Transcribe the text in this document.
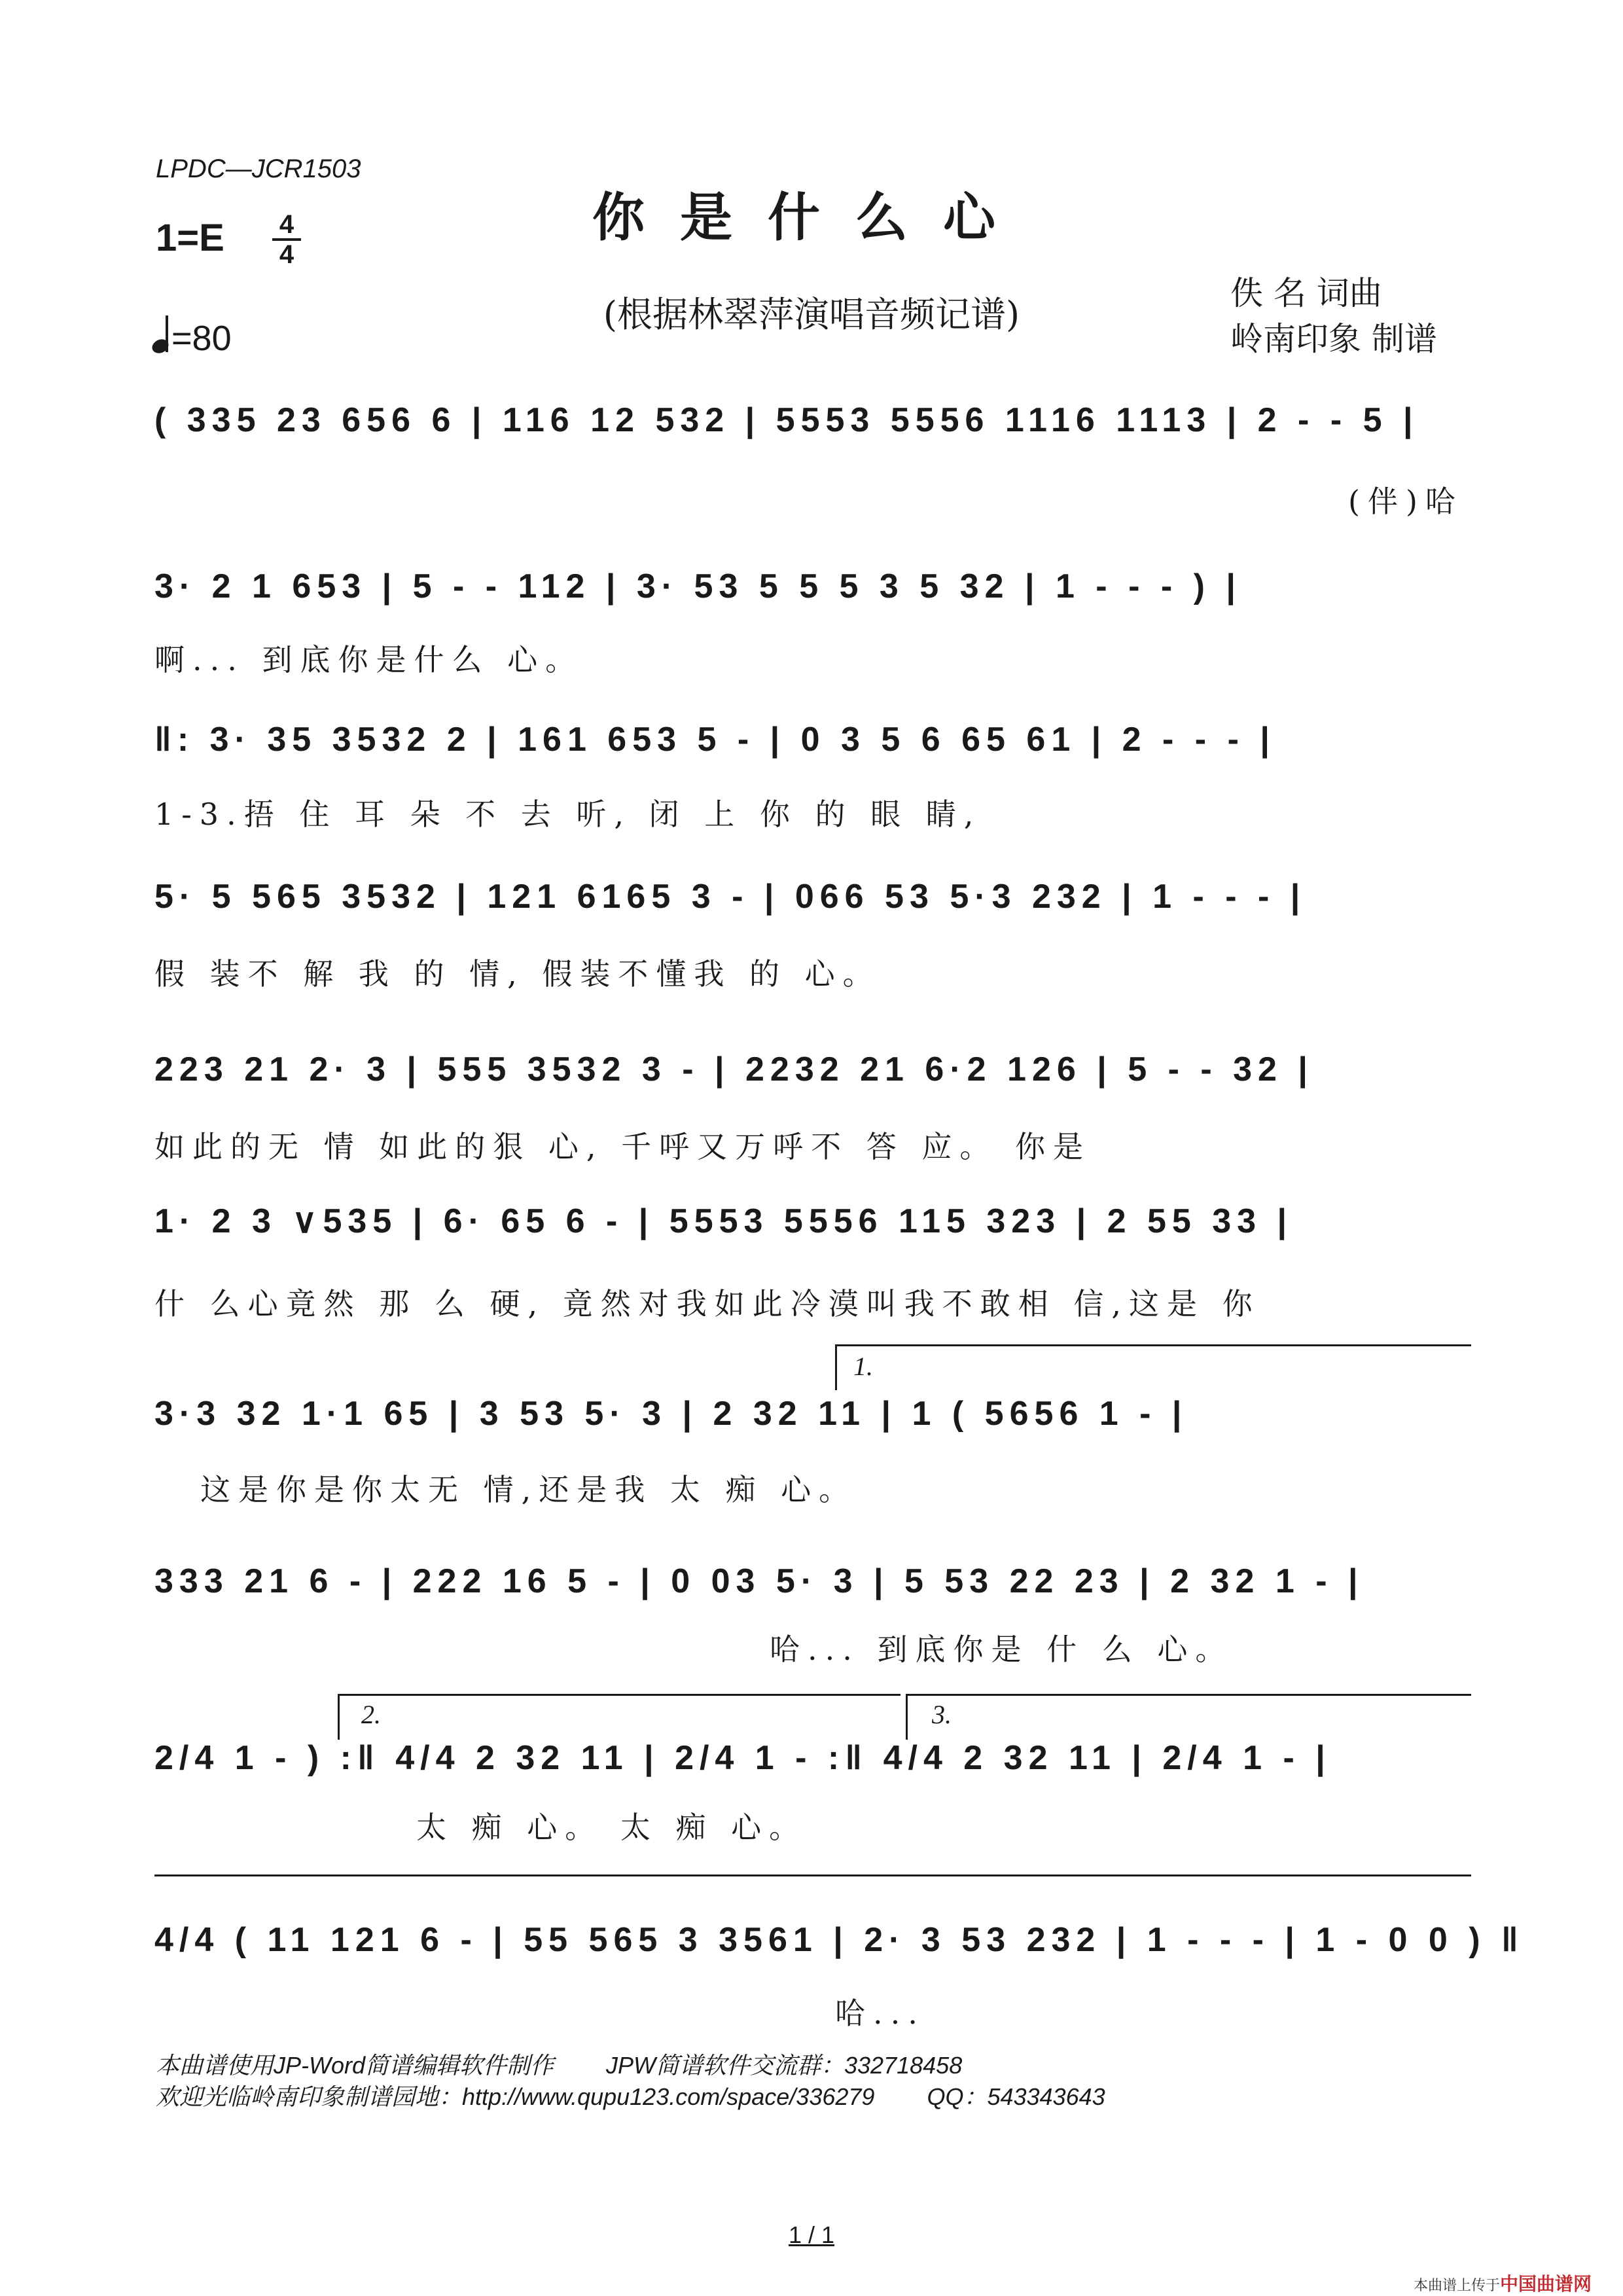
LPDC—JCR1503
你是什么心
$1=E \frac{4}{4}$
(根据林翠萍演唱音频记谱)
佚 名 词曲
岭南印象 制谱
=80
( 335 23 656 6 | 116 12 532 | 5553 5556 1116 1113 | 2 - - 5 |
(伴)哈
3· 2 1 653 | 5 - - 112 | 3· 53 5 5 5 3 5 32 | 1 - - - ) |
啊... 到底你是什么 心。
‖: 3· 35 3532 2 | 161 653 5 - | 0 3 5 6 65 61 | 2 - - - |
1-3.捂 住 耳 朵 不 去 听, 闭 上 你 的 眼 睛,
5· 5 565 3532 | 121 6165 3 - | 066 53 5·3 232 | 1 - - - |
假 装不 解 我 的 情, 假装不懂我 的 心。
223 21 2· 3 | 555 3532 3 - | 2232 21 6·2 126 | 5 - - 32 |
如此的无 情 如此的狠 心, 千呼又万呼不 答 应。 你是
1· 2 3 ∨535 | 6· 65 6 - | 5553 5556 115 323 | 2 55 33 |
什 么心竟然 那 么 硬, 竟然对我如此冷漠叫我不敢相 信,这是 你
1.
3·3 32 1·1 65 | 3 53 5· 3 | 2 32 11 | 1 ( 5656 1 - |
这是你是你太无 情,还是我 太 痴 心。
333 21 6 - | 222 16 5 - | 0 03 5· 3 | 5 53 22 23 | 2 32 1 - |
哈... 到底你是 什 么 心。
2.	3.
2/4 1 - ) :‖ 4/4 2 32 11 | 2/4 1 - :‖ 4/4 2 32 11 | 2/4 1 - |
太 痴 心。 太 痴 心。
4/4 ( 11 121 6 - | 55 565 3 3561 | 2· 3 53 232 | 1 - - - | 1 - 0 0 ) ‖
哈...
本曲谱使用JP-Word简谱编辑软件制作        JPW简谱软件交流群：332718458
欢迎光临岭南印象制谱园地：http://www.qupu123.com/space/336279        QQ：543343643
1 / 1
本曲谱上传于中国曲谱网
